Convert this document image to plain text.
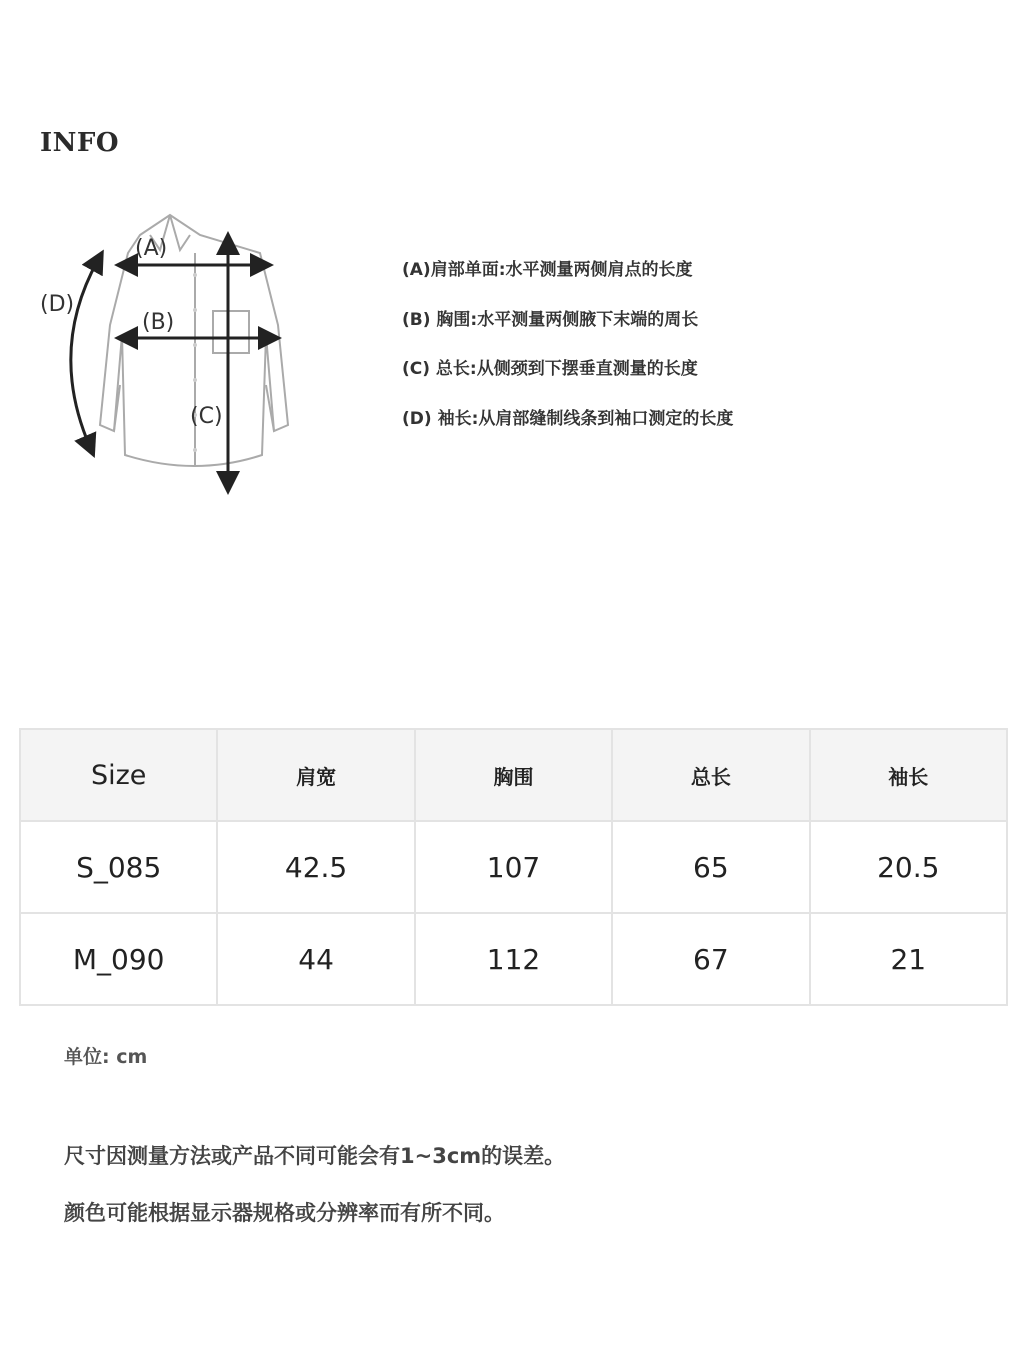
INFO
(A)
(B)
(C)
(D)
(A)肩部单面:水平测量两侧肩点的长度
(B) 胸围:水平测量两侧腋下末端的周长
(C) 总长:从侧颈到下摆垂直测量的长度
(D) 袖长:从肩部缝制线条到袖口测定的长度
Size	肩宽	胸围	总长	袖长
S_085	42.5	107	65	20.5
M_090	44	112	67	21
单位: cm
尺寸因测量方法或产品不同可能会有1~3cm的误差。
颜色可能根据显示器规格或分辨率而有所不同。
